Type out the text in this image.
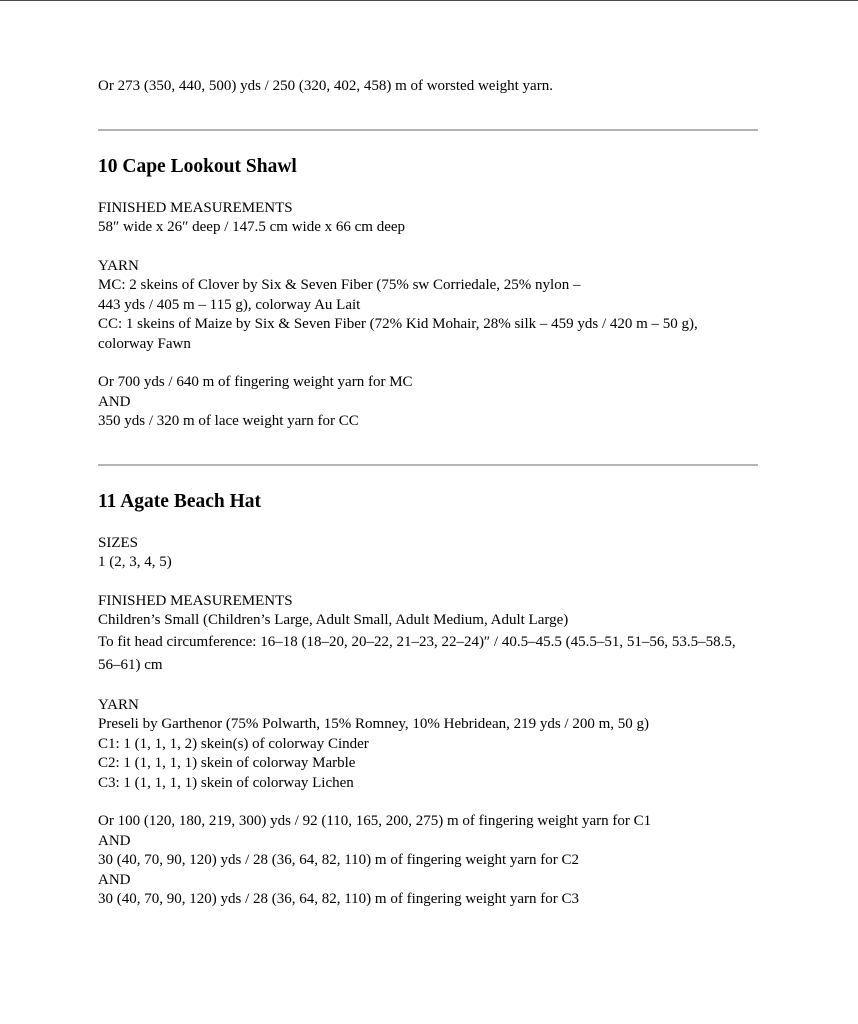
Or 273 (350, 440, 500) yds / 250 (320, 402, 458) m of worsted weight yarn.

10 Cape Lookout Shawl

FINISHED MEASUREMENTS

58″ wide x 26″ deep / 147.5 cm wide x 66 cm deep

YARN

MC: 2 skeins of Clover by Six & Seven Fiber (75% sw Corriedale, 25% nylon –

443 yds / 405 m – 115 g), colorway Au Lait

CC: 1 skeins of Maize by Six & Seven Fiber (72% Kid Mohair, 28% silk – 459 yds / 420 m – 50 g),

colorway Fawn

Or 700 yds / 640 m of fingering weight yarn for MC

AND

350 yds / 320 m of lace weight yarn for CC

11 Agate Beach Hat

SIZES

1 (2, 3, 4, 5)

FINISHED MEASUREMENTS

Children’s Small (Children’s Large, Adult Small, Adult Medium, Adult Large)

To fit head circumference: 16–18 (18–20, 20–22, 21–23, 22–24)″ / 40.5–45.5 (45.5–51, 51–56, 53.5–58.5, 56–61) cm

YARN

Preseli by Garthenor (75% Polwarth, 15% Romney, 10% Hebridean, 219 yds / 200 m, 50 g)

C1: 1 (1, 1, 1, 2) skein(s) of colorway Cinder

C2: 1 (1, 1, 1, 1) skein of colorway Marble

C3: 1 (1, 1, 1, 1) skein of colorway Lichen

Or 100 (120, 180, 219, 300) yds / 92 (110, 165, 200, 275) m of fingering weight yarn for C1

AND

30 (40, 70, 90, 120) yds / 28 (36, 64, 82, 110) m of fingering weight yarn for C2

AND

30 (40, 70, 90, 120) yds / 28 (36, 64, 82, 110) m of fingering weight yarn for C3
